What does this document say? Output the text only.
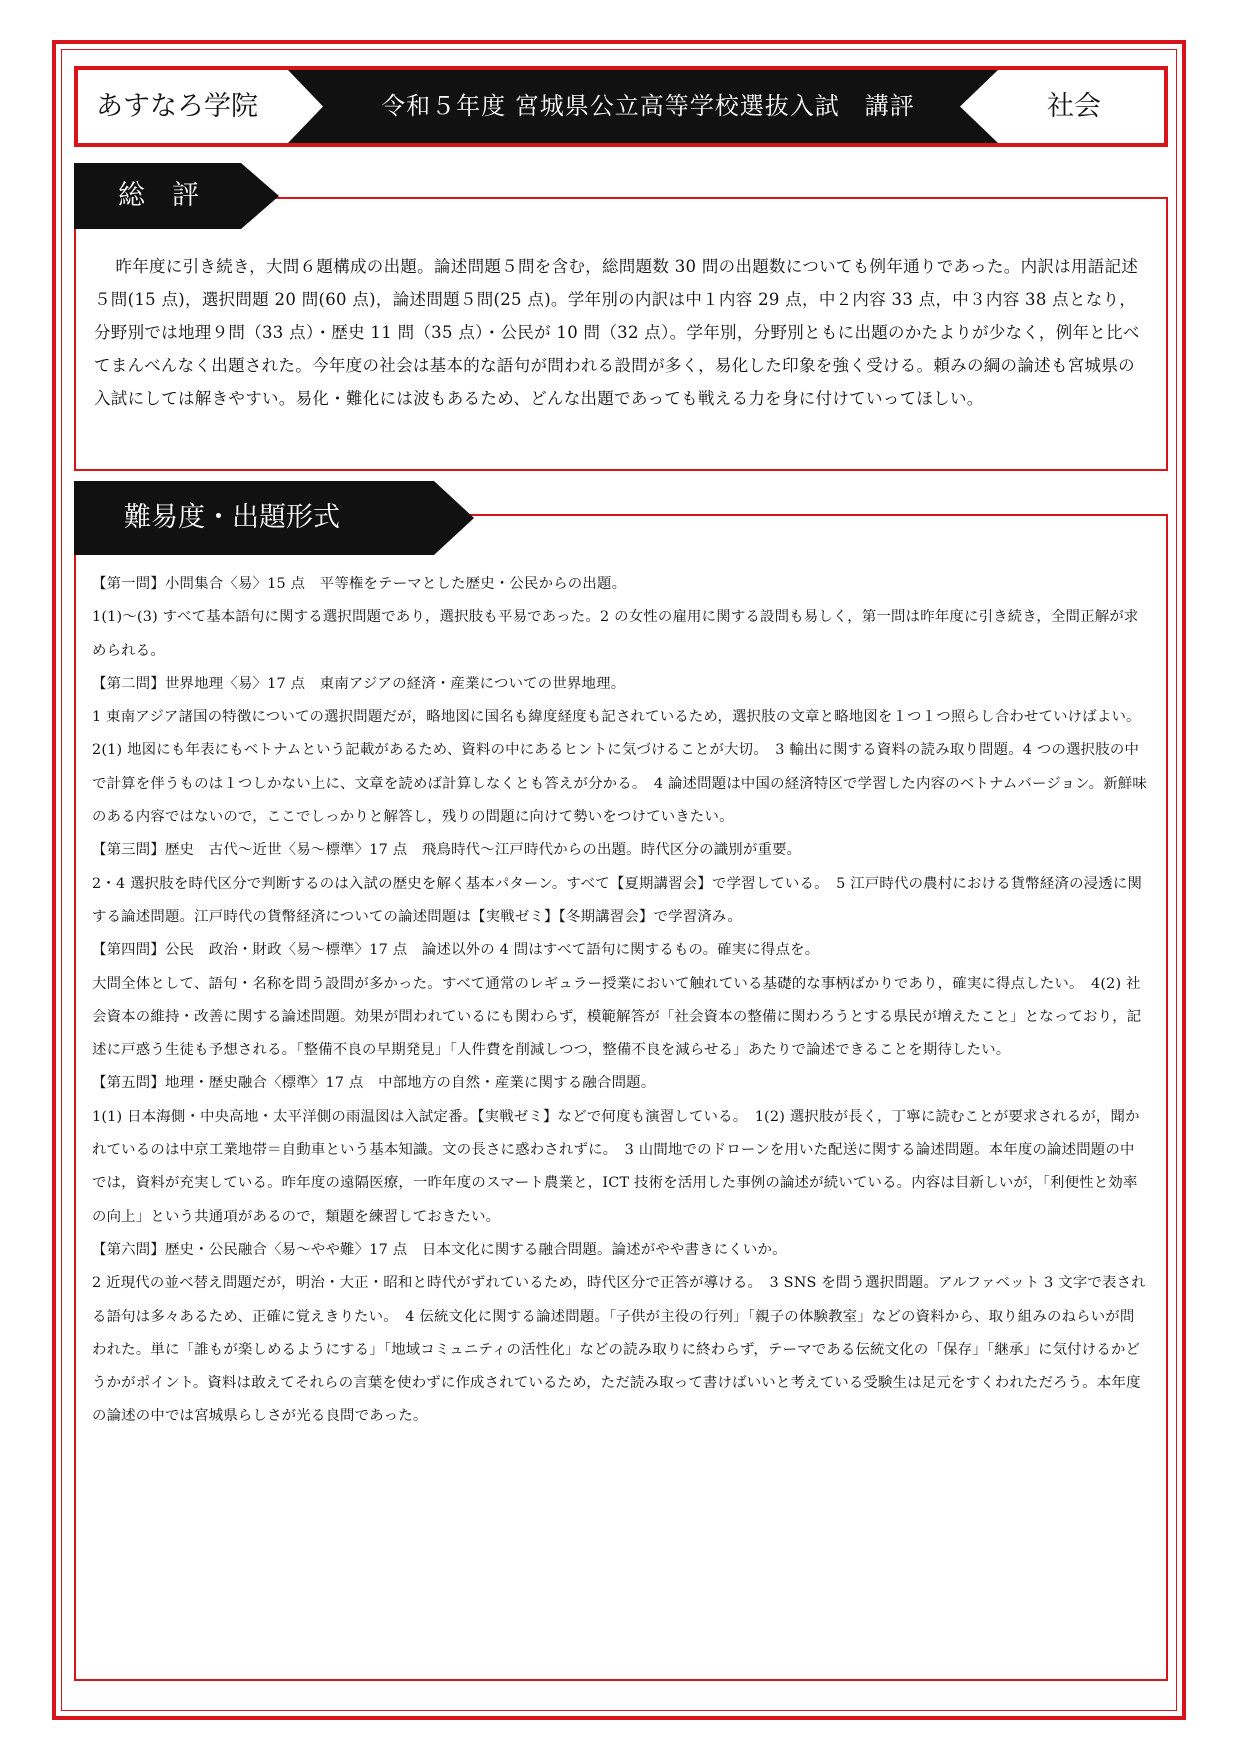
あすなろ学院	令和５年度 宮城県公立高等学校選抜入試　講評	社会
総　評

昨年度に引き続き，大問６題構成の出題。論述問題５問を含む，総問題数 30 問の出題数についても例年通りであった。内訳は用語記述５問(15 点)，選択問題 20 問(60 点)，論述問題５問(25 点)。学年別の内訳は中１内容 29 点，中２内容 33 点，中３内容 38 点となり，分野別では地理９問（33 点）・歴史 11 問（35 点）・公民が 10 問（32 点）。学年別，分野別ともに出題のかたよりが少なく，例年と比べてまんべんなく出題された。今年度の社会は基本的な語句が問われる設問が多く，易化した印象を強く受ける。頼みの綱の論述も宮城県の入試にしては解きやすい。易化・難化には波もあるため、どんな出題であっても戦える力を身に付けていってほしい。

難易度・出題形式

【第一問】小問集合〈易〉15 点　平等権をテーマとした歴史・公民からの出題。

1(1)～(3) すべて基本語句に関する選択問題であり，選択肢も平易であった。2 の女性の雇用に関する設問も易しく，第一問は昨年度に引き続き，全問正解が求められる。

【第二問】世界地理〈易〉17 点　東南アジアの経済・産業についての世界地理。

1 東南アジア諸国の特徴についての選択問題だが，略地図に国名も緯度経度も記されているため，選択肢の文章と略地図を１つ１つ照らし合わせていけばよい。　2(1) 地図にも年表にもベトナムという記載があるため、資料の中にあるヒントに気づけることが大切。　3 輸出に関する資料の読み取り問題。4 つの選択肢の中で計算を伴うものは１つしかない上に、文章を読めば計算しなくとも答えが分かる。　4 論述問題は中国の経済特区で学習した内容のベトナムバージョン。新鮮味のある内容ではないので，ここでしっかりと解答し，残りの問題に向けて勢いをつけていきたい。

【第三問】歴史　古代～近世〈易～標準〉17 点　飛鳥時代～江戸時代からの出題。時代区分の識別が重要。

2・4 選択肢を時代区分で判断するのは入試の歴史を解く基本パターン。すべて【夏期講習会】で学習している。　5 江戸時代の農村における貨幣経済の浸透に関する論述問題。江戸時代の貨幣経済についての論述問題は【実戦ゼミ】【冬期講習会】で学習済み。

【第四問】公民　政治・財政〈易～標準〉17 点　論述以外の 4 問はすべて語句に関するもの。確実に得点を。

大問全体として、語句・名称を問う設問が多かった。すべて通常のレギュラー授業において触れている基礎的な事柄ばかりであり，確実に得点したい。　4(2) 社会資本の維持・改善に関する論述問題。効果が問われているにも関わらず，模範解答が「社会資本の整備に関わろうとする県民が増えたこと」となっており，記述に戸惑う生徒も予想される。「整備不良の早期発見」「人件費を削減しつつ，整備不良を減らせる」あたりで論述できることを期待したい。

【第五問】地理・歴史融合〈標準〉17 点　中部地方の自然・産業に関する融合問題。

1(1) 日本海側・中央高地・太平洋側の雨温図は入試定番。【実戦ゼミ】などで何度も演習している。　1(2) 選択肢が長く，丁寧に読むことが要求されるが，聞かれているのは中京工業地帯＝自動車という基本知識。文の長さに惑わされずに。　3 山間地でのドローンを用いた配送に関する論述問題。本年度の論述問題の中では，資料が充実している。昨年度の遠隔医療，一昨年度のスマート農業と，ICT 技術を活用した事例の論述が続いている。内容は目新しいが，「利便性と効率の向上」という共通項があるので，類題を練習しておきたい。

【第六問】歴史・公民融合〈易～やや難〉17 点　日本文化に関する融合問題。論述がやや書きにくいか。

2 近現代の並べ替え問題だが，明治・大正・昭和と時代がずれているため，時代区分で正答が導ける。　3 SNS を問う選択問題。アルファベット 3 文字で表される語句は多々あるため、正確に覚えきりたい。　4 伝統文化に関する論述問題。「子供が主役の行列」「親子の体験教室」などの資料から、取り組みのねらいが問われた。単に「誰もが楽しめるようにする」「地域コミュニティの活性化」などの読み取りに終わらず，テーマである伝統文化の「保存」「継承」に気付けるかどうかがポイント。資料は敢えてそれらの言葉を使わずに作成されているため，ただ読み取って書けばいいと考えている受験生は足元をすくわれただろう。本年度の論述の中では宮城県らしさが光る良問であった。
